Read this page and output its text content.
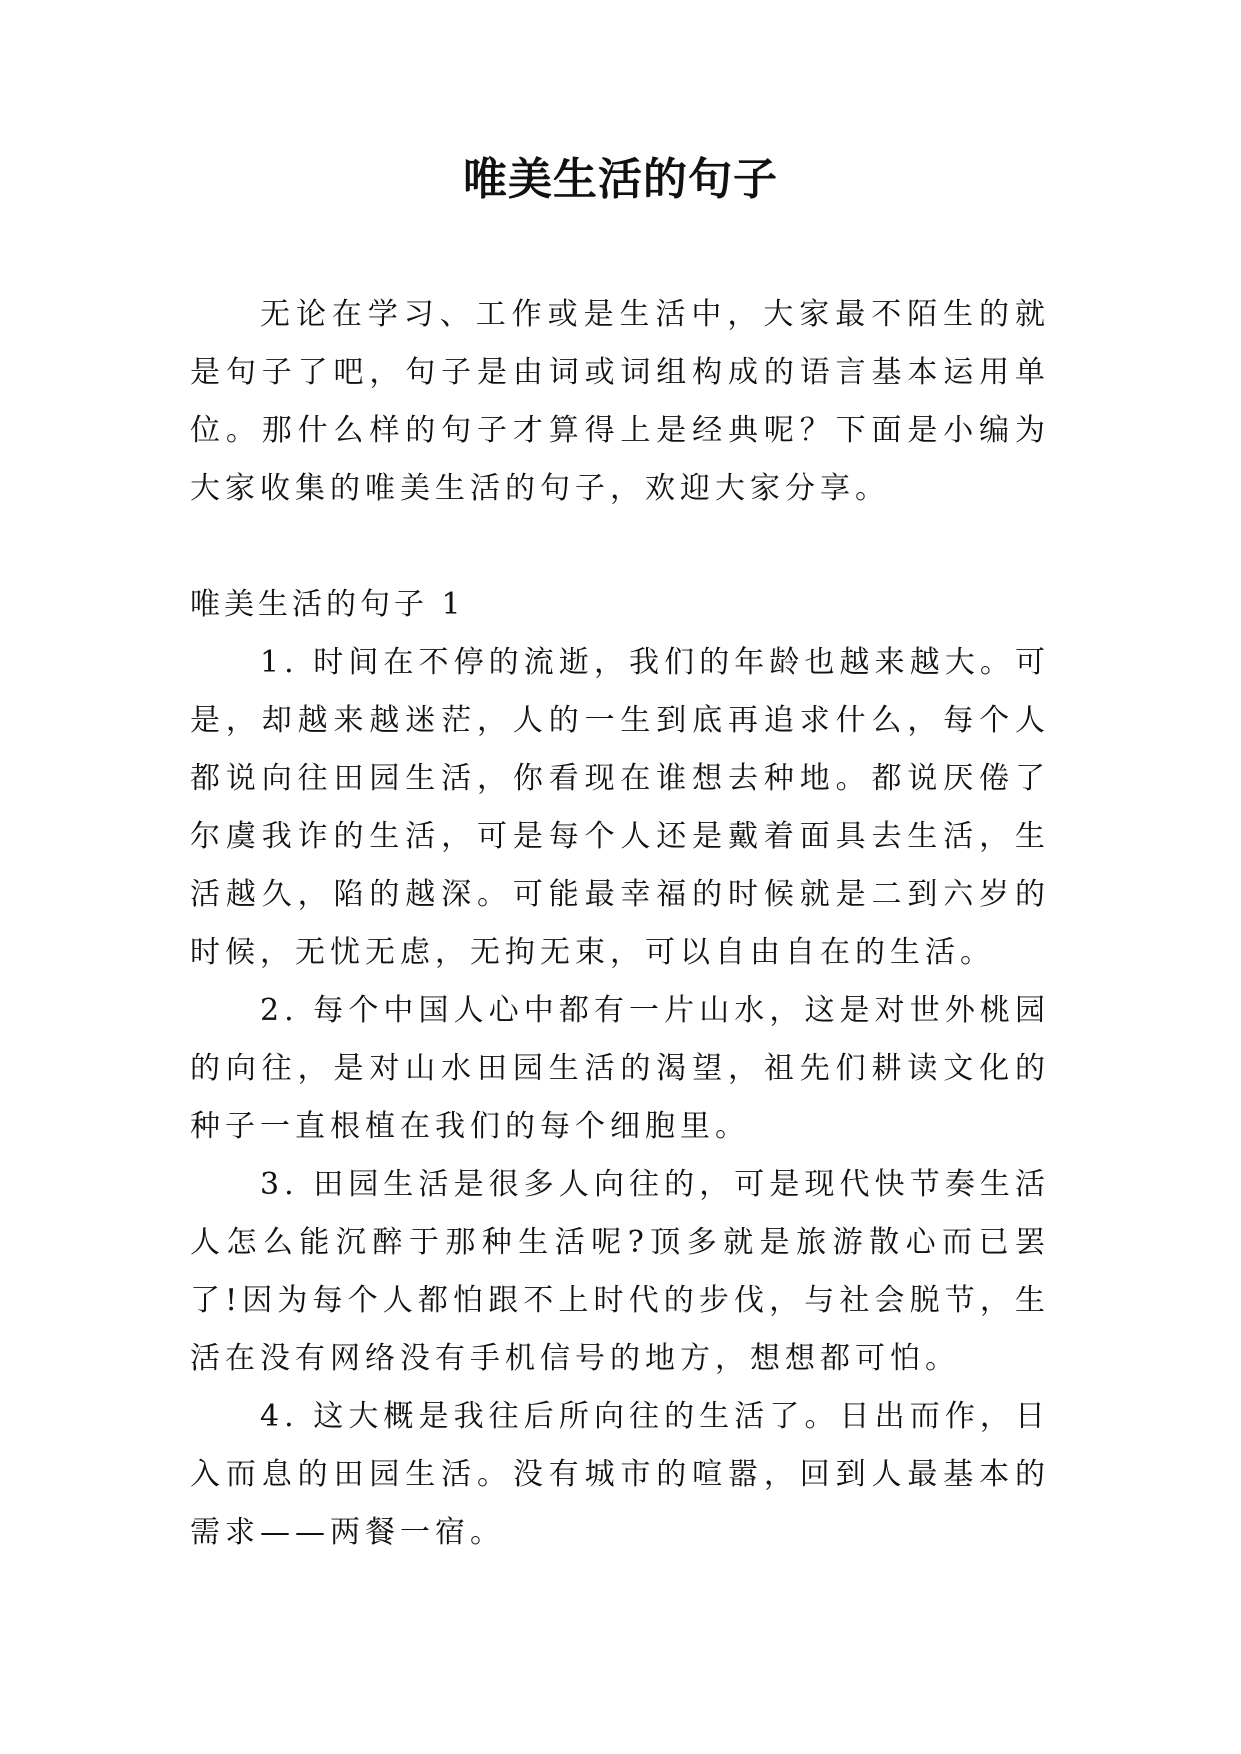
唯美生活的句子

无论在学习、工作或是生活中，大家最不陌生的就是句子了吧，句子是由词或词组构成的语言基本运用单位。那什么样的句子才算得上是经典呢？下面是小编为大家收集的唯美生活的句子，欢迎大家分享。

唯美生活的句子 1

1. 时间在不停的流逝，我们的年龄也越来越大。可是，却越来越迷茫，人的一生到底再追求什么，每个人都说向往田园生活，你看现在谁想去种地。都说厌倦了尔虞我诈的生活，可是每个人还是戴着面具去生活，生活越久，陷的越深。可能最幸福的时候就是二到六岁的时候，无忧无虑，无拘无束，可以自由自在的生活。

2. 每个中国人心中都有一片山水，这是对世外桃园的向往，是对山水田园生活的渴望，祖先们耕读文化的种子一直根植在我们的每个细胞里。

3. 田园生活是很多人向往的，可是现代快节奏生活人怎么能沉醉于那种生活呢?顶多就是旅游散心而已罢了!因为每个人都怕跟不上时代的步伐，与社会脱节，生活在没有网络没有手机信号的地方，想想都可怕。

4. 这大概是我往后所向往的生活了。日出而作，日入而息的田园生活。没有城市的喧嚣，回到人最基本的需求——两餐一宿。
